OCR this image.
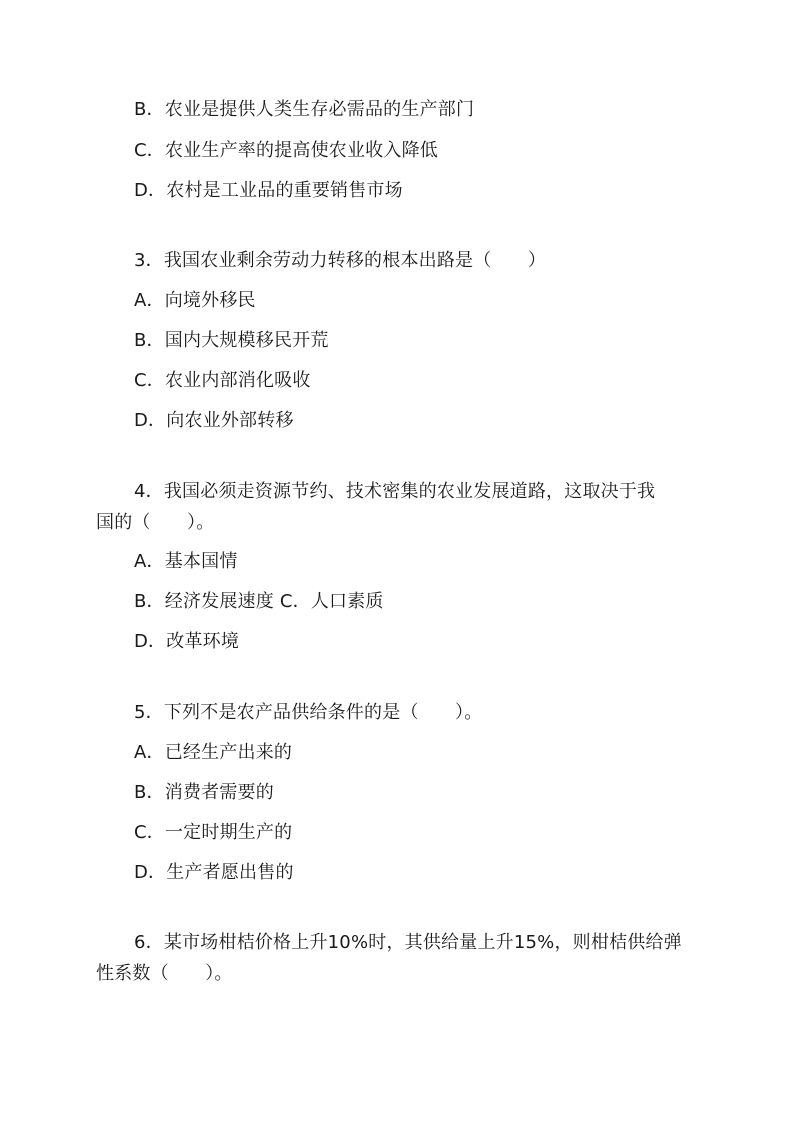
B．农业是提供人类生存必需品的生产部门
C．农业生产率的提高使农业收入降低
D．农村是工业品的重要销售市场
3．我国农业剩余劳动力转移的根本出路是（　　）
A．向境外移民
B．国内大规模移民开荒
C．农业内部消化吸收
D．向农业外部转移
4．我国必须走资源节约、技术密集的农业发展道路，这取决于我
国的（　　）。
A．基本国情
B．经济发展速度 C．人口素质
D．改革环境
5．下列不是农产品供给条件的是（　　）。
A．已经生产出来的
B．消费者需要的
C．一定时期生产的
D．生产者愿出售的
6．某市场柑桔价格上升10%时，其供给量上升15%，则柑桔供给弹
性系数（　　）。
